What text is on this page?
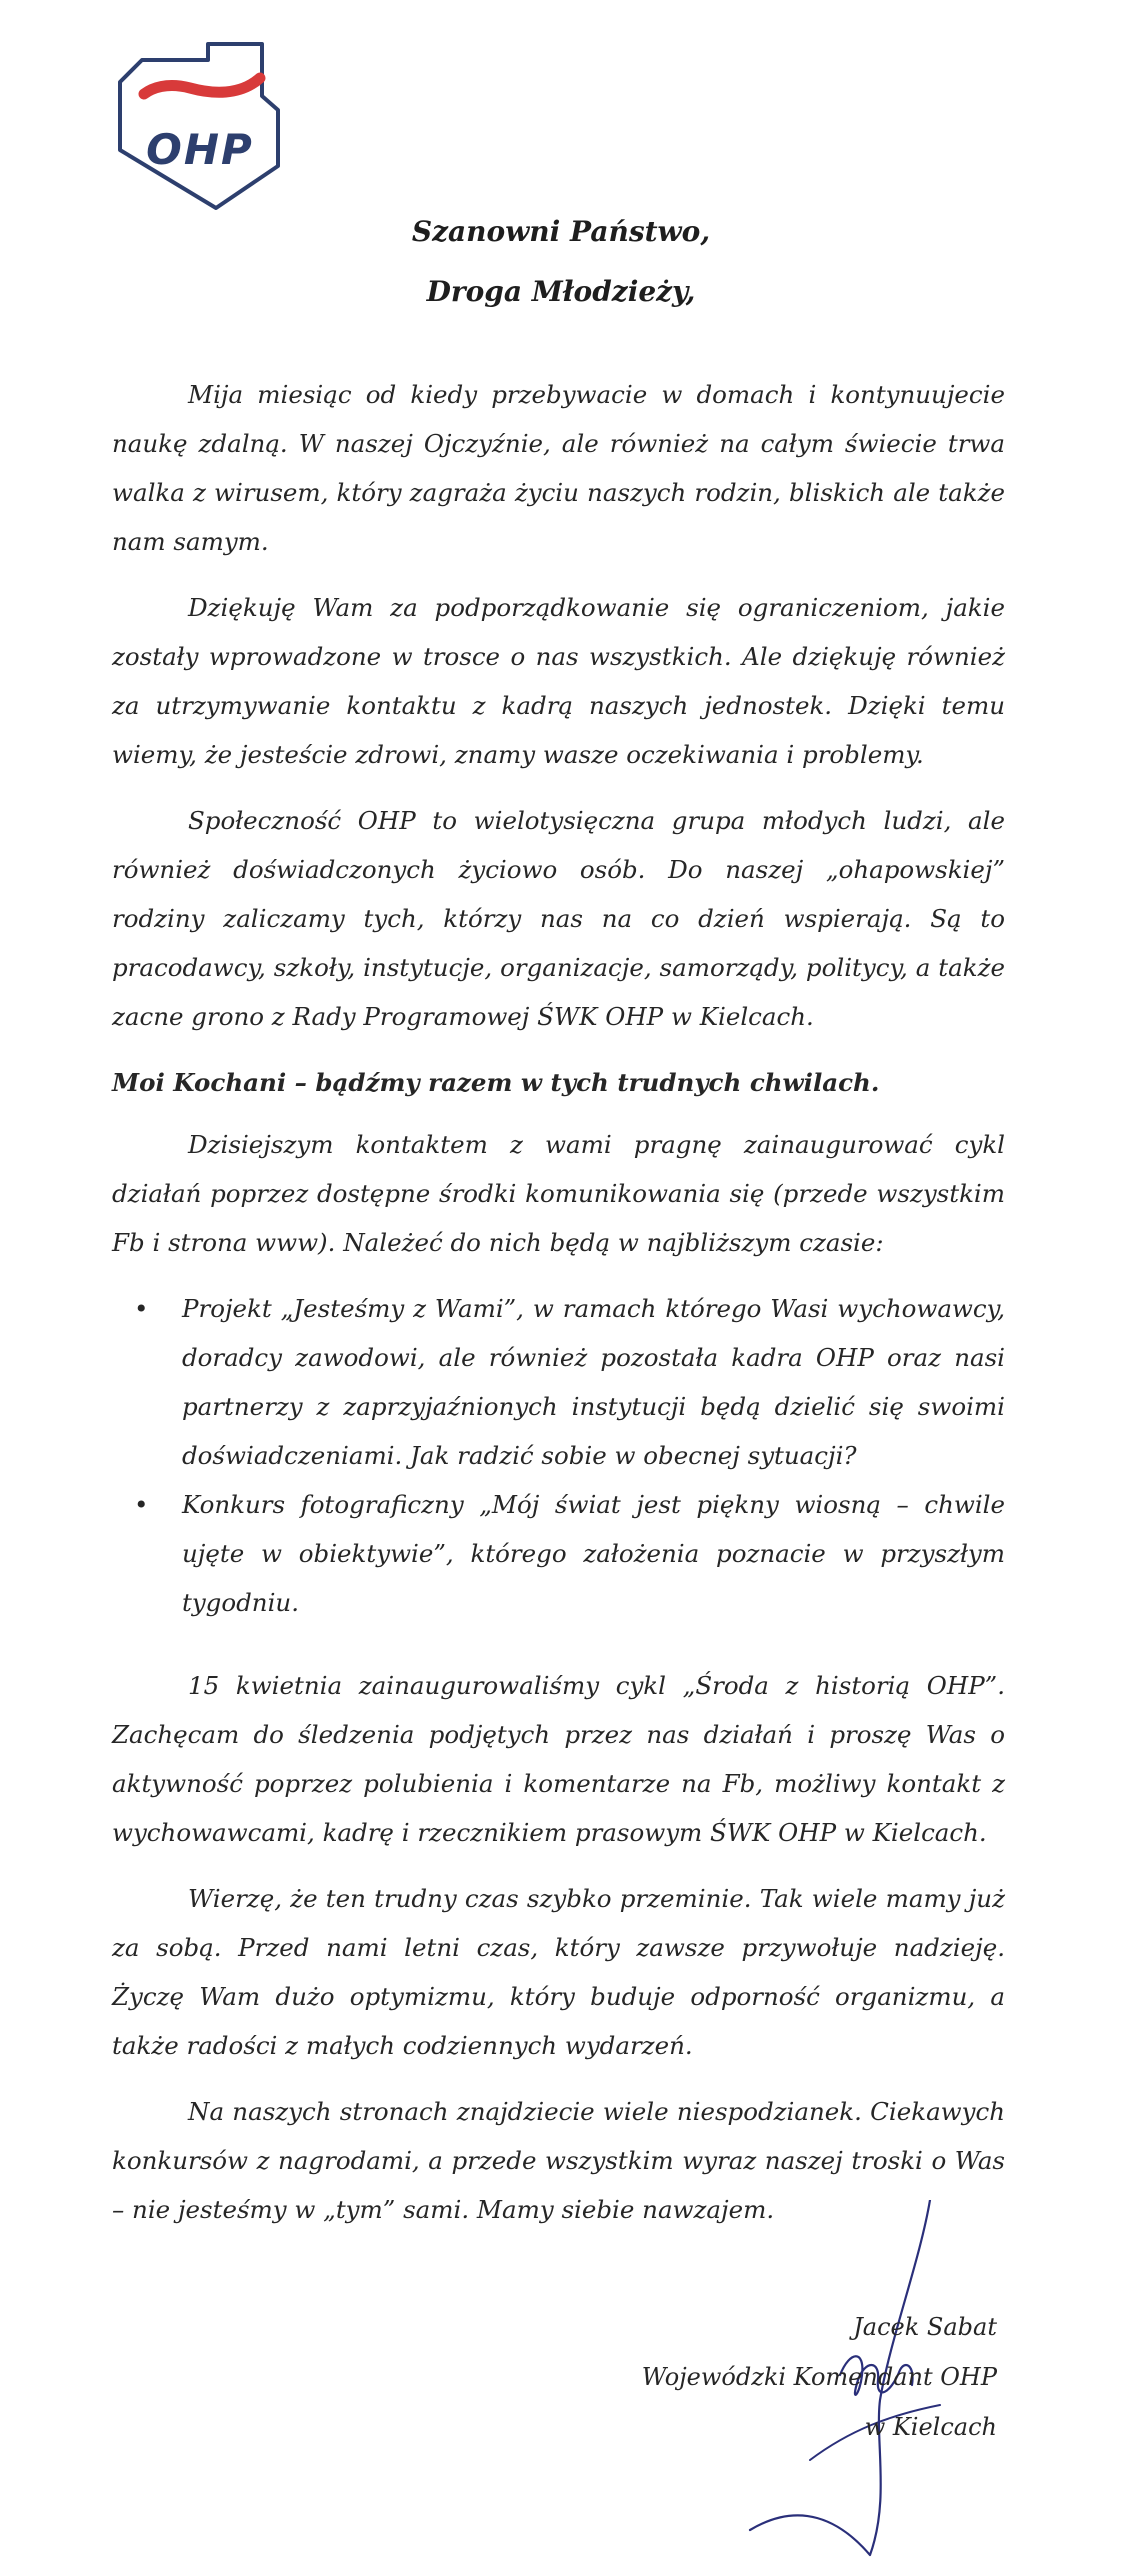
OHP
Szanowni Państwo,
Droga Młodzieży,

Mija miesiąc od kiedy przebywacie w domach i kontynuujecie naukę zdalną. W naszej Ojczyźnie, ale również na całym świecie trwa walka z wirusem, który zagraża życiu naszych rodzin, bliskich ale także nam samym.

Dziękuję Wam za podporządkowanie się ograniczeniom, jakie zostały wprowadzone w trosce o nas wszystkich. Ale dziękuję również za utrzymywanie kontaktu z kadrą naszych jednostek. Dzięki temu wiemy, że jesteście zdrowi, znamy wasze oczekiwania i problemy.

Społeczność OHP to wielotysięczna grupa młodych ludzi, ale również doświadczonych życiowo osób. Do naszej „ohapowskiej” rodziny zaliczamy tych, którzy nas na co dzień wspierają. Są to pracodawcy, szkoły, instytucje, organizacje, samorządy, politycy, a także zacne grono z Rady Programowej ŚWK OHP w Kielcach.

Moi Kochani – bądźmy razem w tych trudnych chwilach.

Dzisiejszym kontaktem z wami pragnę zainaugurować cykl działań poprzez dostępne środki komunikowania się (przede wszystkim Fb i strona www). Należeć do nich będą w najbliższym czasie:

• Projekt „Jesteśmy z Wami”, w ramach którego Wasi wychowawcy, doradcy zawodowi, ale również pozostała kadra OHP oraz nasi partnerzy z zaprzyjaźnionych instytucji będą dzielić się swoimi doświadczeniami. Jak radzić sobie w obecnej sytuacji?
• Konkurs fotograficzny „Mój świat jest piękny wiosną – chwile ujęte w obiektywie”, którego założenia poznacie w przyszłym tygodniu.

15 kwietnia zainaugurowaliśmy cykl „Środa z historią OHP”. Zachęcam do śledzenia podjętych przez nas działań i proszę Was o aktywność poprzez polubienia i komentarze na Fb, możliwy kontakt z wychowawcami, kadrę i rzecznikiem prasowym ŚWK OHP w Kielcach.

Wierzę, że ten trudny czas szybko przeminie. Tak wiele mamy już za sobą. Przed nami letni czas, który zawsze przywołuje nadzieję. Życzę Wam dużo optymizmu, który buduje odporność organizmu, a także radości z małych codziennych wydarzeń.

Na naszych stronach znajdziecie wiele niespodzianek. Ciekawych konkursów z nagrodami, a przede wszystkim wyraz naszej troski o Was – nie jesteśmy w „tym” sami. Mamy siebie nawzajem.

Jacek Sabat
Wojewódzki Komendant OHP
w Kielcach
